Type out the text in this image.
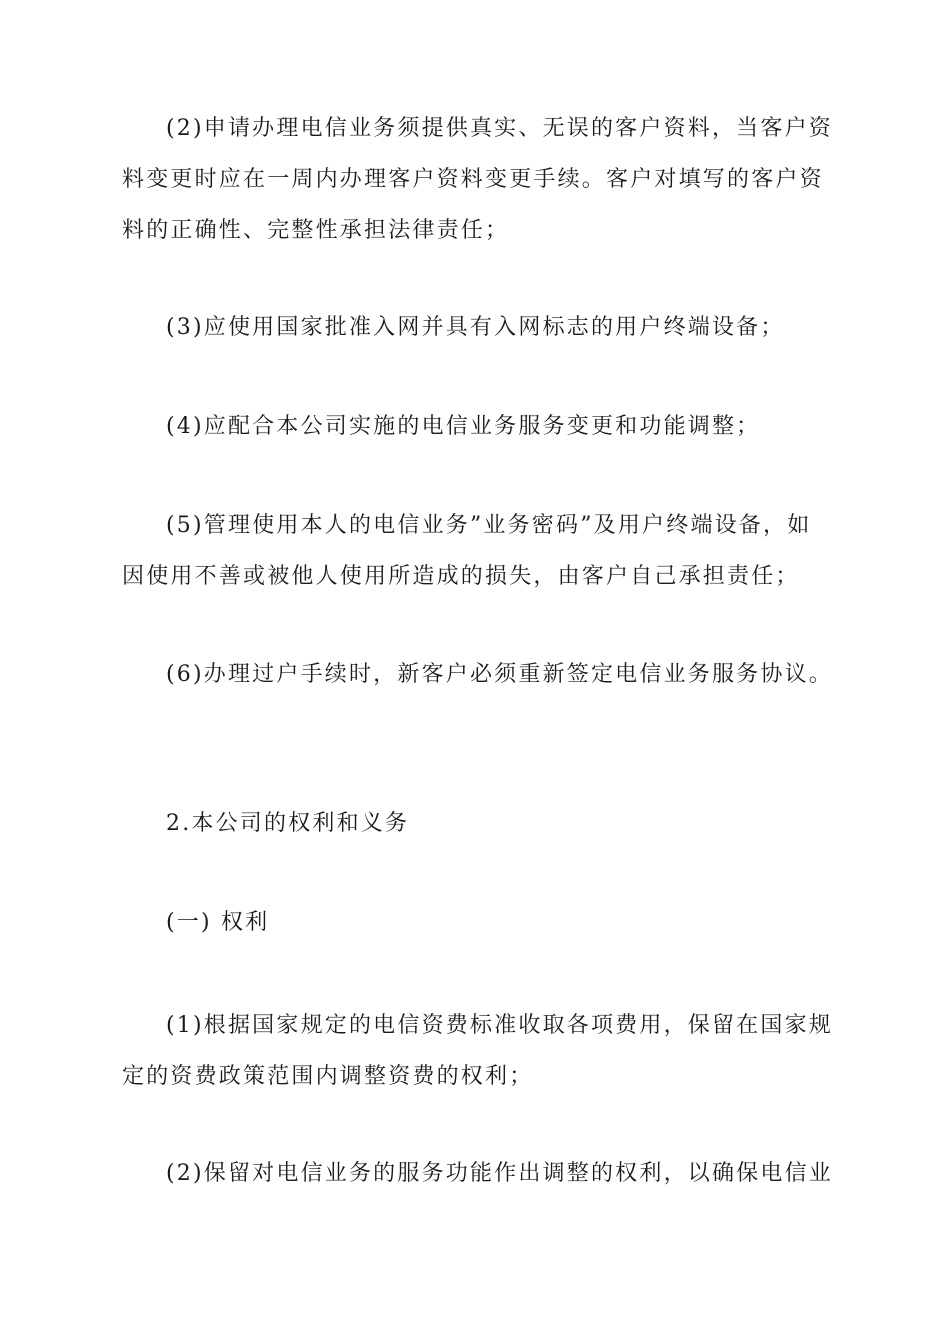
(2)申请办理电信业务须提供真实、无误的客户资料，当客户资料变更时应在一周内办理客户资料变更手续。客户对填写的客户资料的正确性、完整性承担法律责任；

(3)应使用国家批准入网并具有入网标志的用户终端设备；

(4)应配合本公司实施的电信业务服务变更和功能调整；

(5)管理使用本人的电信业务”业务密码”及用户终端设备，如因使用不善或被他人使用所造成的损失，由客户自己承担责任；

(6)办理过户手续时，新客户必须重新签定电信业务服务协议。

2.本公司的权利和义务

(一) 权利

(1)根据国家规定的电信资费标准收取各项费用，保留在国家规定的资费政策范围内调整资费的权利；

(2)保留对电信业务的服务功能作出调整的权利，以确保电信业
